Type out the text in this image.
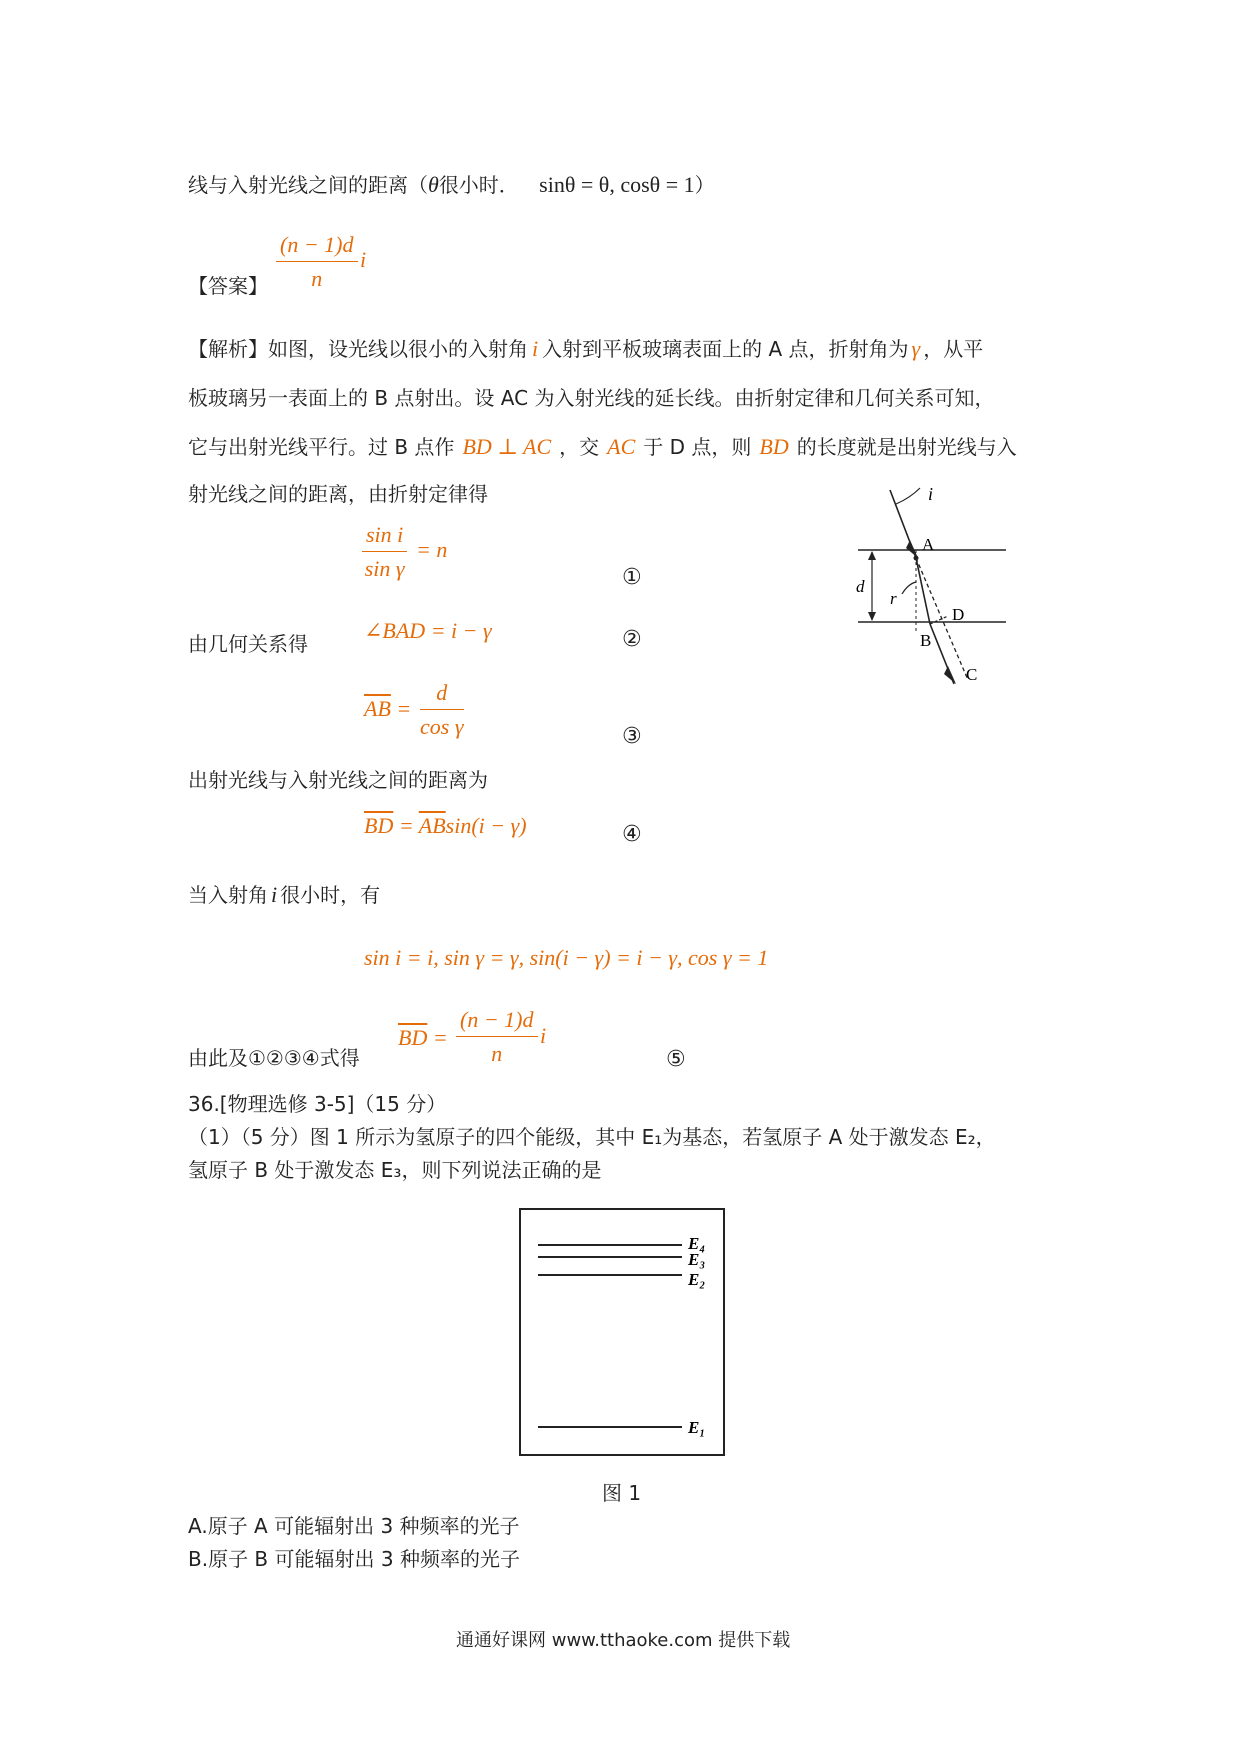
线与入射光线之间的距离（θ很小时． sinθ = θ, cosθ = 1）
【答案】 $\frac{(n - 1)d}{n}$ i
【解析】如图，设光线以很小的入射角 i 入射到平板玻璃表面上的 A 点，折射角为 γ ，从平
板玻璃另一表面上的 B 点射出。设 AC 为入射光线的延长线。由折射定律和几何关系可知，
它与出射光线平行。过 B 点作 BD ⊥ AC ，交 AC 于 D 点，则 BD 的长度就是出射光线与入
射光线之间的距离，由折射定律得
$\frac{\text{sin i}}{\text{sin γ}} = n$
①
由几何关系得
∠BAD = i − γ	②
$\overline{AB} = \frac{d}{\text{cos γ}}$	③
出射光线与入射光线之间的距离为
$\overline{BD} = \overline{AB}\sin(i - \gamma)$	④
当入射角 i 很小时，有
sin i = i, sin γ = γ, sin(i − γ) = i − γ, cos γ = 1
由此及①②③④式得
$\overline{BD} = \frac{(n - 1)d}{n}$ i
⑤
36.[物理选修 3-5]（15 分）
（1）（5 分）图 1 所示为氢原子的四个能级，其中 E₁为基态，若氢原子 A 处于激发态 E₂，
氢原子 B 处于激发态 E₃，则下列说法正确的是
i
A
d
r
D
B
C
E₄
E₃
E₂
E₁
图 1
A.原子 A 可能辐射出 3 种频率的光子
B.原子 B 可能辐射出 3 种频率的光子
通通好课网 www.tthaoke.com 提供下载
